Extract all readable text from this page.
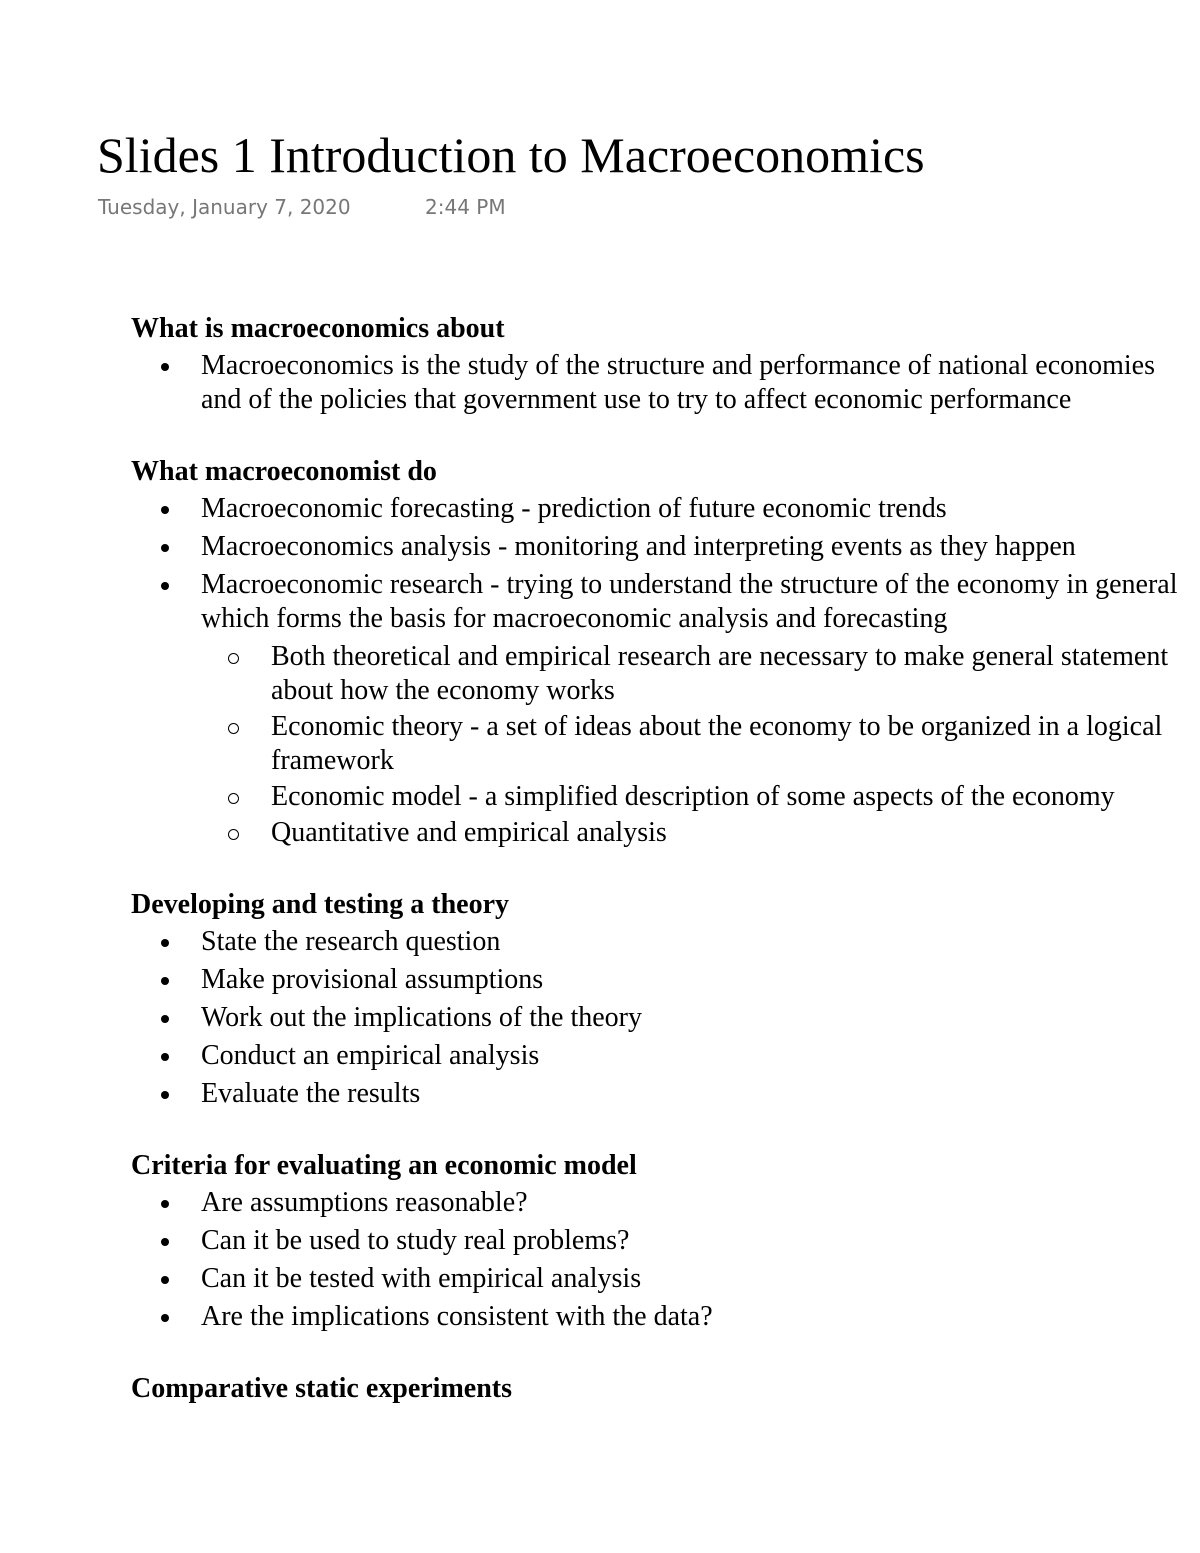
Slides 1 Introduction to Macroeconomics
Tuesday, January 7, 2020	2:44 PM
What is macroeconomics about
Macroeconomics is the study of the structure and performance of national economies and of the policies that government use to try to affect economic performance
What macroeconomist do
Macroeconomic forecasting - prediction of future economic trends
Macroeconomics analysis - monitoring and interpreting events as they happen
Macroeconomic research - trying to understand the structure of the economy in general which forms the basis for macroeconomic analysis and forecasting
Both theoretical and empirical research are necessary to make general statement about how the economy works
Economic theory - a set of ideas about the economy to be organized in a logical framework
Economic model - a simplified description of some aspects of the economy
Quantitative and empirical analysis
Developing and testing a theory
State the research question
Make provisional assumptions
Work out the implications of the theory
Conduct an empirical analysis
Evaluate the results
Criteria for evaluating an economic model
Are assumptions reasonable?
Can it be used to study real problems?
Can it be tested with empirical analysis
Are the implications consistent with the data?
Comparative static experiments
